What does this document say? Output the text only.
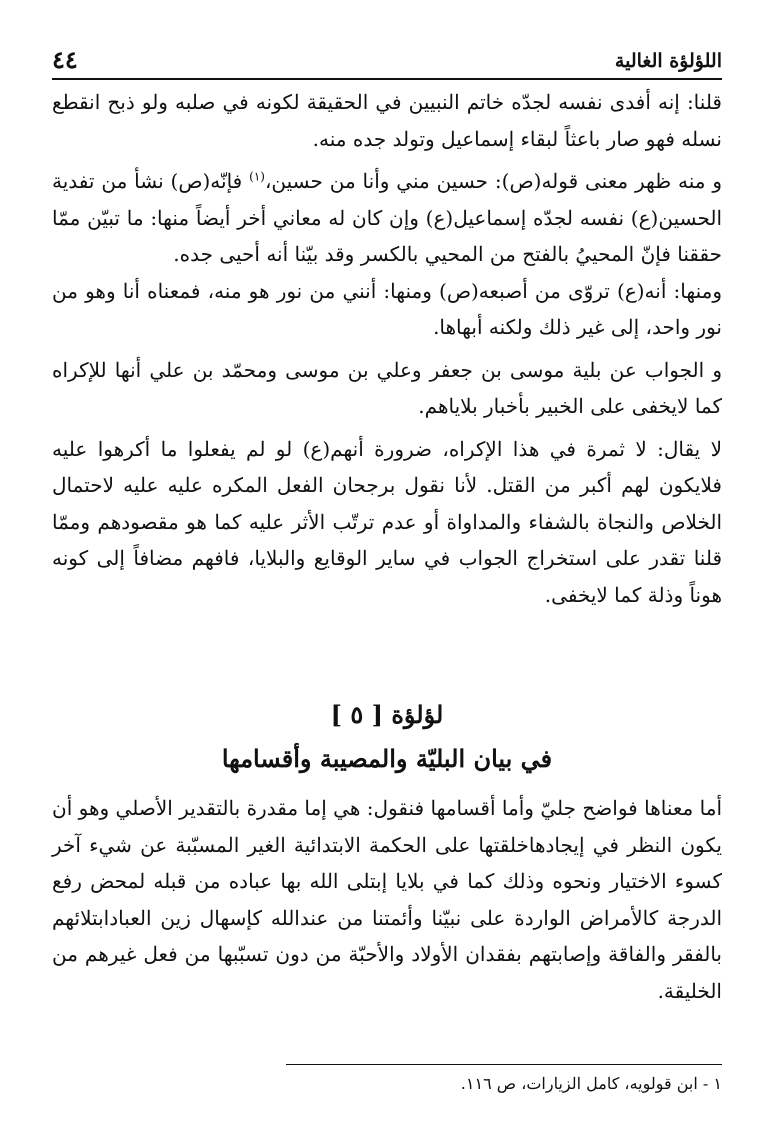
اللؤلؤة الغالية
٤٤

قلنا: إنه أفدى نفسه لجدّه خاتم النبيين في الحقيقة لكونه في صلبه ولو ذبح انقطع نسله فهو صار باعثاً لبقاء إسماعيل وتولد جده منه.

و منه ظهر معنى قوله(ص): حسين مني وأنا من حسين،$^{(١)}$ فإنّه(ص) نشأ من تفدية الحسين(ع) نفسه لجدّه إسماعيل(ع) وإن كان له معاني أخر أيضاً منها: ما تبيّن ممّا حققنا فإنّ المحييُ بالفتح من المحيي بالكسر وقد بيّنا أنه أحيى جده.

ومنها: أنه(ع) تروّى من أصبعه(ص) ومنها: أنني من نور هو منه، فمعناه أنا وهو من نور واحد، إلى غير ذلك ولكنه أبهاها.

و الجواب عن بلية موسى بن جعفر وعلي بن موسى ومحمّد بن علي أنها للإكراه كما لايخفى على الخبير بأخبار بلاياهم.

لا يقال: لا ثمرة في هذا الإكراه، ضرورة أنهم(ع) لو لم يفعلوا ما أكرهوا عليه فلايكون لهم أكبر من القتل. لأنا نقول برجحان الفعل المكره عليه عليه لاحتمال الخلاص والنجاة بالشفاء والمداواة أو عدم ترتّب الأثر عليه كما هو مقصودهم وممّا قلنا تقدر على استخراج الجواب في ساير الوقايع والبلايا، فافهم مضافاً إلى كونه هوناً وذلة كما لايخفى.

لؤلؤة [ ٥ ]
في بيان البليّة والمصيبة وأقسامها

أما معناها فواضح جليّ وأما أقسامها فنقول: هي إما مقدرة بالتقدير الأصلي وهو أن يكون النظر في إيجادهاخلقتها على الحكمة الابتدائية الغير المسبّبة عن شيء آخر كسوء الاختيار ونحوه وذلك كما في بلايا إبتلى الله بها عباده من قبله لمحض رفع الدرجة كالأمراض الواردة على نبيّنا وأئمتنا من عندالله كإسهال زين العبادابتلائهم بالفقر والفاقة وإصابتهم بفقدان الأولاد والأحبّة من دون تسبّبها من فعل غيرهم من الخليقة.

١ - ابن قولويه، كامل الزيارات، ص ١١٦.
